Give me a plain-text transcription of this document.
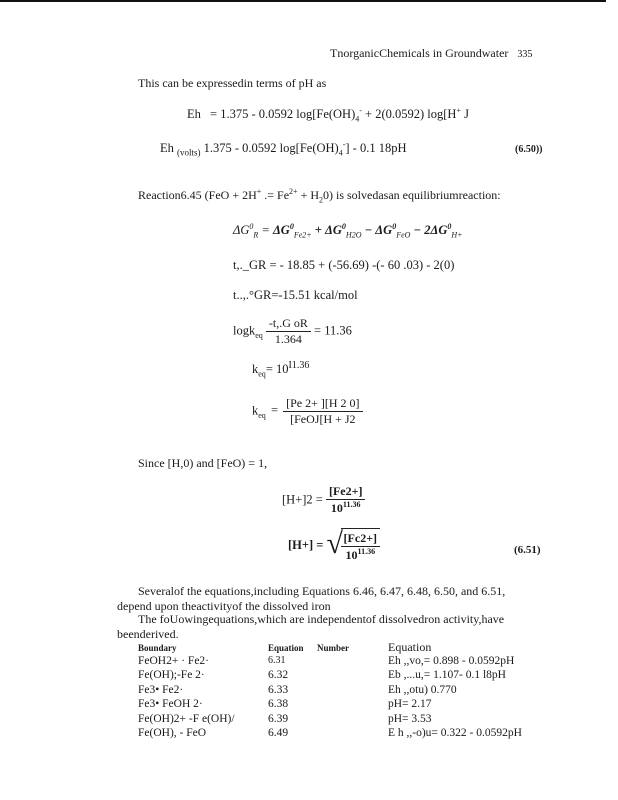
TnorganicChemicals in Groundwater 335
This can be expressedin terms of pH as
Eh = 1.375 - 0.0592 $\log[Fe(OH)_4^- + 2(0.0592)$ log[H+ J
Eh $_{(volts)}$ 1.375 - 0.0592 $\log[Fe(OH)_4^-] - 0.1$ 18pH	(6.50))
Reaction6.45 (FeO + 2H+ .= $Fe^{2+} + H_20$) is solvedasan equilibriumreaction:
$\Delta G^0_R = \Delta G^0_{Fe2+} + \Delta G^0_{H2O} - \Delta G^0_{FeO} - 2\Delta G^0_{H+}$
t,._GR = - 18.85 + (-56.69) -(- 60 .03) - 2(0)
t..,.°GR=-15.51 kcal/mol
$\log k_{eq} \frac{\text{-t,.G oR}}{1.364} = 11.36$
$k_{eq}= 10^{I1.36}$
$k_{eq} = \frac{[Pe 2+ ][H 2 0]}{\text{[FeOJ[H + J2}}$
Since [H,0) and [FeO) = 1,
$[H+]2 = \frac{[Fe2+]}{10^{11.36}}$
[H+] = √
$\frac{[Fc2+]}{10^{11.36}}$	(6.51)
Severalof the equations,including Equations 6.46, 6.47, 6.48, 6.50, and 6.51,
depend upon theactivityof the dissolved iron
The foUowingequations,which are independentof dissolvedron activity,have
beenderived.
Boundary	Equation Number	Equation
FeOH2+ · Fe2·	6.31	Eh ,,vo,= 0.898 - 0.0592pH
Fe(OH);-Fe 2·	6.32	Eb ,...u,= 1.107- 0.1 l8pH
Fe3• Fe2·	6.33	Eh ,,otu) 0.770
Fe3• FeOH 2·	6.38	pH= 2.17
Fe(OH)2+ -F e(OH)/	6.39	pH= 3.53
Fe(OH), - FeO	6.49	E h ,,-o)u= 0.322 - 0.0592pH
